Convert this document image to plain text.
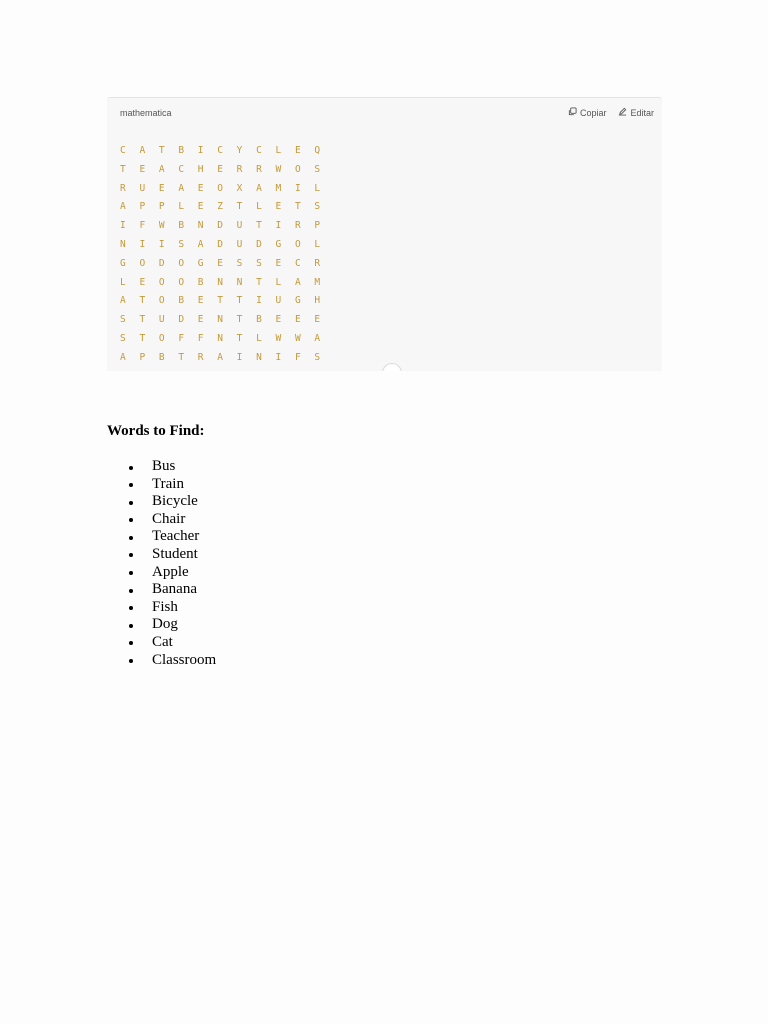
mathematica	Copiar	Editar
C A T B I C Y C L E Q
T E A C H E R R W O S
R U E A E O X A M I L
A P P L E Z T L E T S
I F W B N D U T I R P
N I I S A D U D G O L
G O D O G E S S E C R
L E O O B N N T L A M
A T O B E T T I U G H
S T U D E N T B E E E
S T O F F N T L W W A
A P B T R A I N I F S
Words to Find:
Bus
Train
Bicycle
Chair
Teacher
Student
Apple
Banana
Fish
Dog
Cat
Classroom
